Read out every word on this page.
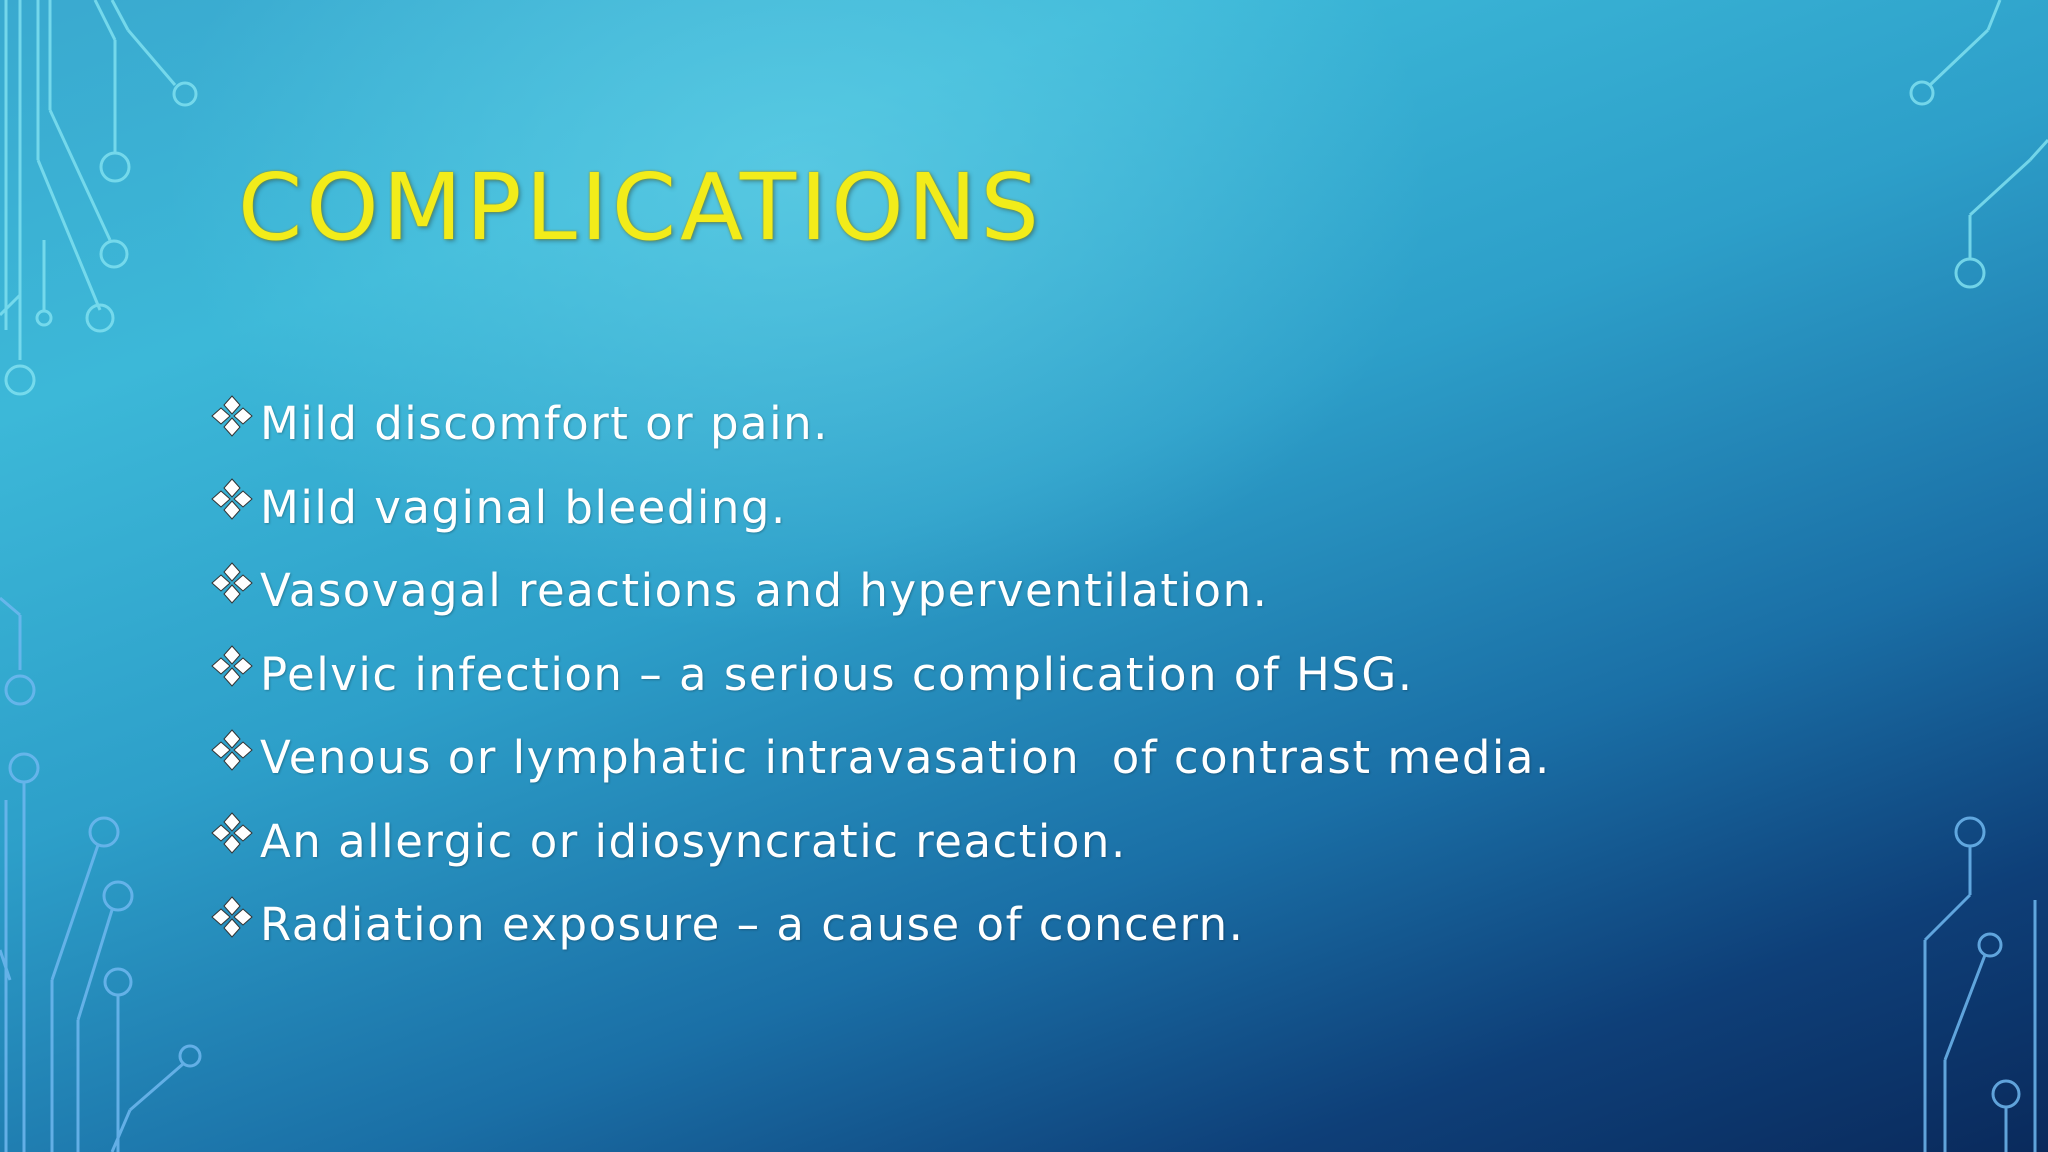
COMPLICATIONS
Mild discomfort or pain.
Mild vaginal bleeding.
Vasovagal reactions and hyperventilation.
Pelvic infection – a serious complication of HSG.
Venous or lymphatic intravasation  of contrast media.
An allergic or idiosyncratic reaction.
Radiation exposure – a cause of concern.
